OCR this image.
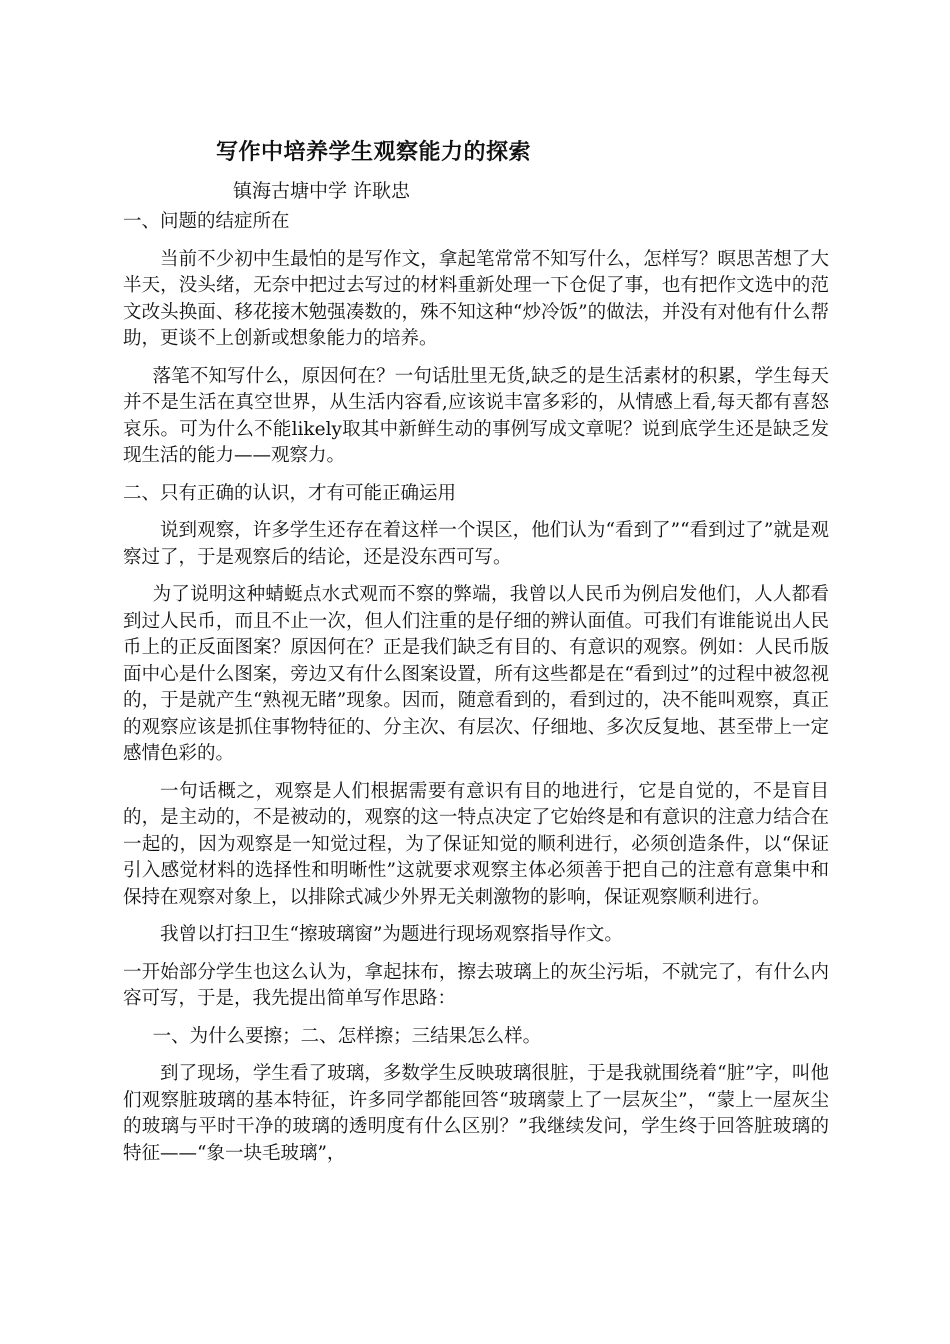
写作中培养学生观察能力的探索
镇海古塘中学 许耿忠

一、问题的结症所在

当前不少初中生最怕的是写作文，拿起笔常常不知写什么，怎样写？暝思苦想了大半天，没头绪，无奈中把过去写过的材料重新处理一下仓促了事，也有把作文选中的范文改头换面、移花接木勉强凑数的，殊不知这种“炒冷饭”的做法，并没有对他有什么帮助，更谈不上创新或想象能力的培养。

落笔不知写什么，原因何在？一句话肚里无货,缺乏的是生活素材的积累，学生每天并不是生活在真空世界，从生活内容看,应该说丰富多彩的，从情感上看,每天都有喜怒哀乐。可为什么不能likely取其中新鲜生动的事例写成文章呢？说到底学生还是缺乏发现生活的能力——观察力。

二、只有正确的认识，才有可能正确运用

说到观察，许多学生还存在着这样一个误区，他们认为“看到了”“看到过了”就是观察过了，于是观察后的结论，还是没东西可写。

为了说明这种蜻蜓点水式观而不察的弊端，我曾以人民币为例启发他们，人人都看到过人民币，而且不止一次，但人们注重的是仔细的辨认面值。可我们有谁能说出人民币上的正反面图案？原因何在？正是我们缺乏有目的、有意识的观察。例如：人民币版面中心是什么图案，旁边又有什么图案设置，所有这些都是在“看到过”的过程中被忽视的，于是就产生“熟视无睹”现象。因而，随意看到的，看到过的，决不能叫观察，真正的观察应该是抓住事物特征的、分主次、有层次、仔细地、多次反复地、甚至带上一定感情色彩的。

一句话概之，观察是人们根据需要有意识有目的地进行，它是自觉的，不是盲目的，是主动的，不是被动的，观察的这一特点决定了它始终是和有意识的注意力结合在一起的，因为观察是一知觉过程，为了保证知觉的顺利进行，必须创造条件，以“保证引入感觉材料的选择性和明晰性”这就要求观察主体必须善于把自己的注意有意集中和保持在观察对象上，以排除式减少外界无关刺激物的影响，保证观察顺利进行。

我曾以打扫卫生“擦玻璃窗”为题进行现场观察指导作文。

一开始部分学生也这么认为，拿起抹布，擦去玻璃上的灰尘污垢，不就完了，有什么内容可写，于是，我先提出简单写作思路：

一、为什么要擦；二、怎样擦；三结果怎么样。

到了现场，学生看了玻璃，多数学生反映玻璃很脏，于是我就围绕着“脏”字，叫他们观察脏玻璃的基本特征，许多同学都能回答“玻璃蒙上了一层灰尘”，“蒙上一屋灰尘的玻璃与平时干净的玻璃的透明度有什么区别？”我继续发问，学生终于回答脏玻璃的特征——“象一块毛玻璃”，
